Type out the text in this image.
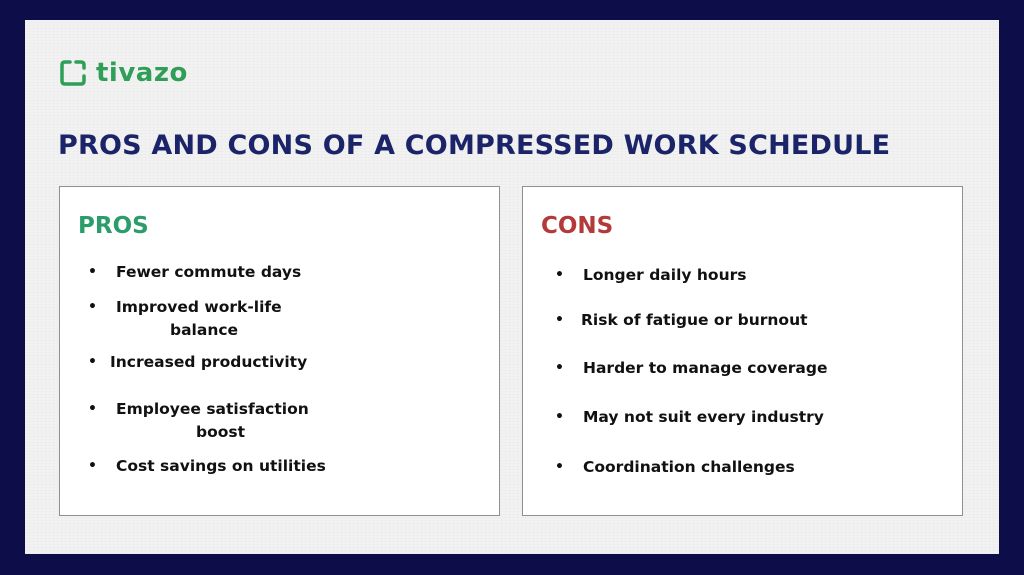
tivazo
PROS AND CONS OF A COMPRESSED WORK SCHEDULE
PROS
•	Fewer commute days
•	Improved work-life
balance
• Increased productivity
•	Employee satisfaction
boost
•	Cost savings on utilities
CONS
•	Longer daily hours
•	Risk of fatigue or burnout
•	Harder to manage coverage
•	May not suit every industry
•	Coordination challenges
